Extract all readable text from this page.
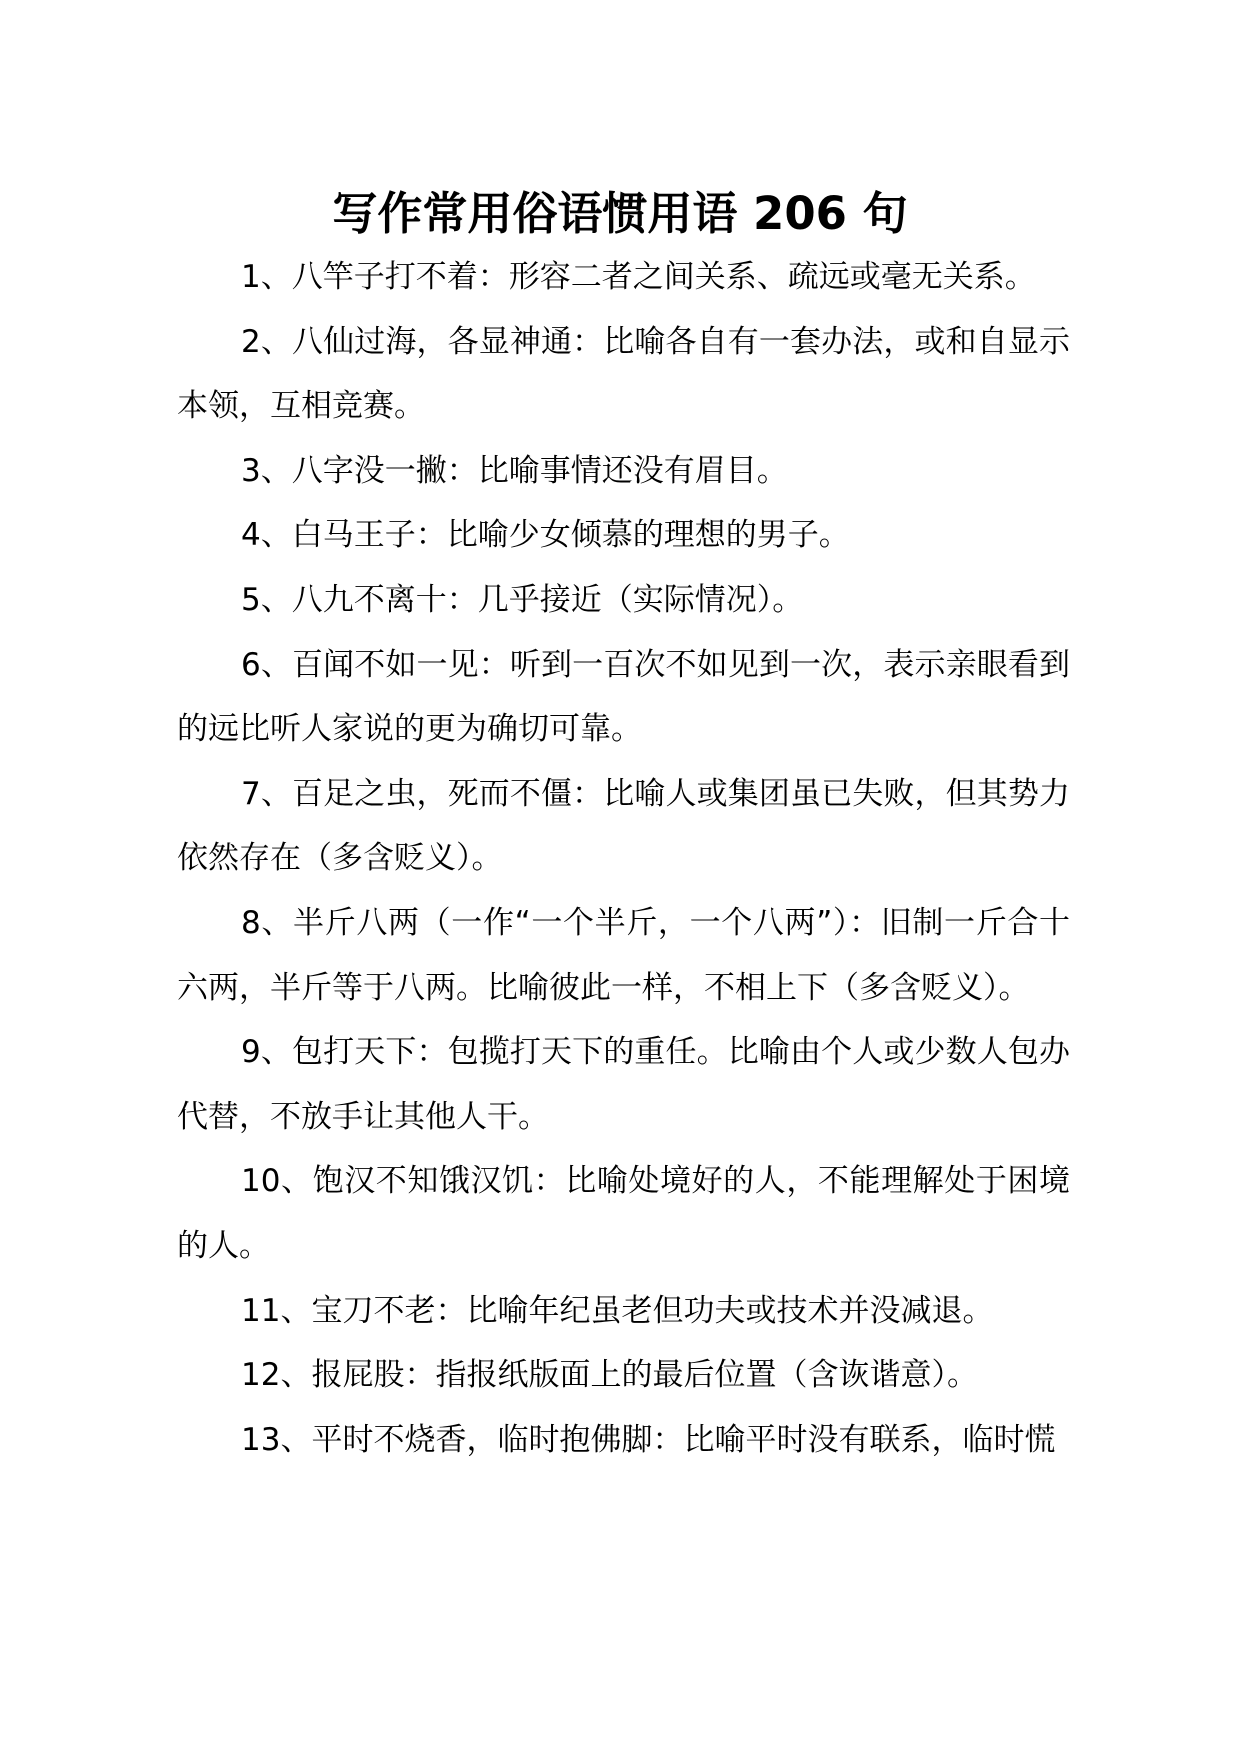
写作常用俗语惯用语 206 句

1、八竿子打不着：形容二者之间关系、疏远或毫无关系。

2、八仙过海，各显神通：比喻各自有一套办法，或和自显示本领，互相竞赛。

3、八字没一撇：比喻事情还没有眉目。

4、白马王子：比喻少女倾慕的理想的男子。

5、八九不离十：几乎接近（实际情况）。

6、百闻不如一见：听到一百次不如见到一次，表示亲眼看到的远比听人家说的更为确切可靠。

7、百足之虫，死而不僵：比喻人或集团虽已失败，但其势力依然存在（多含贬义）。

8、半斤八两（一作“一个半斤，一个八两”）：旧制一斤合十六两，半斤等于八两。比喻彼此一样，不相上下（多含贬义）。

9、包打天下：包揽打天下的重任。比喻由个人或少数人包办代替，不放手让其他人干。

10、饱汉不知饿汉饥：比喻处境好的人，不能理解处于困境的人。

11、宝刀不老：比喻年纪虽老但功夫或技术并没减退。

12、报屁股：指报纸版面上的最后位置（含诙谐意）。

13、平时不烧香，临时抱佛脚：比喻平时没有联系，临时慌
